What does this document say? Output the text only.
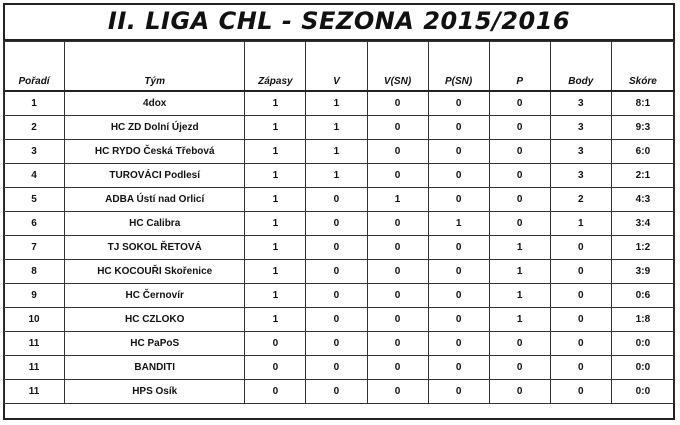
II. LIGA CHL - SEZONA 2015/2016
Pořadí	Tým	Zápasy	V	V(SN)	P(SN)	P	Body	Skóre
1	4dox	1	1	0	0	0	3	8:1
2	HC ZD Dolní Újezd	1	1	0	0	0	3	9:3
3	HC RYDO Česká Třebová	1	1	0	0	0	3	6:0
4	TUROVÁCI Podlesí	1	1	0	0	0	3	2:1
5	ADBA Ústí nad Orlicí	1	0	1	0	0	2	4:3
6	HC Calibra	1	0	0	1	0	1	3:4
7	TJ SOKOL ŘETOVÁ	1	0	0	0	1	0	1:2
8	HC KOCOUŘI Skořenice	1	0	0	0	1	0	3:9
9	HC Černovír	1	0	0	0	1	0	0:6
10	HC CZLOKO	1	0	0	0	1	0	1:8
11	HC PaPoS	0	0	0	0	0	0	0:0
11	BANDITI	0	0	0	0	0	0	0:0
11	HPS Osík	0	0	0	0	0	0	0:0
